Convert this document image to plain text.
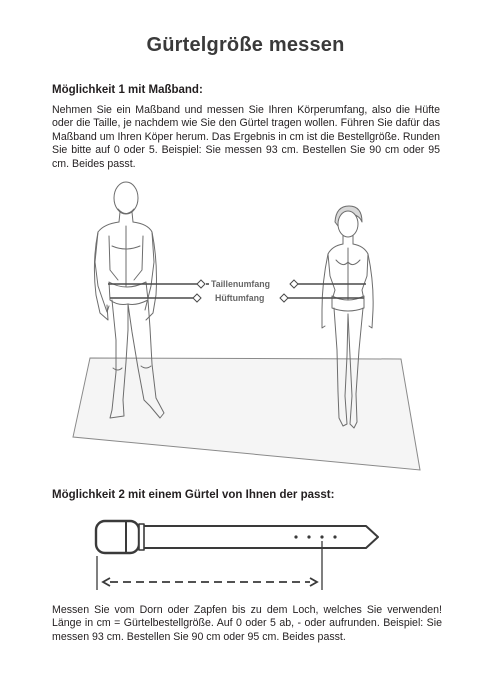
Gürtelgröße messen
Möglichkeit 1 mit Maßband:
Nehmen Sie ein Maßband und messen Sie Ihren Körperumfang, also die Hüfte oder die Taille, je nachdem wie Sie den Gürtel tragen wollen. Führen Sie dafür das Maßband um Ihren Köper herum. Das Ergebnis in cm ist die Bestellgröße. Runden Sie bitte auf 0 oder 5. Beispiel: Sie messen 93 cm. Bestellen Sie 90 cm oder 95 cm. Beides passt.
Taillenumfang
Hüftumfang
Möglichkeit 2 mit einem Gürtel von Ihnen der passt:
Messen Sie vom Dorn oder Zapfen bis zu dem Loch, welches Sie verwenden! Länge in cm = Gürtelbestellgröße. Auf 0 oder 5 ab, - oder aufrunden. Beispiel: Sie messen 93 cm. Bestellen Sie 90 cm oder 95 cm. Beides passt.
